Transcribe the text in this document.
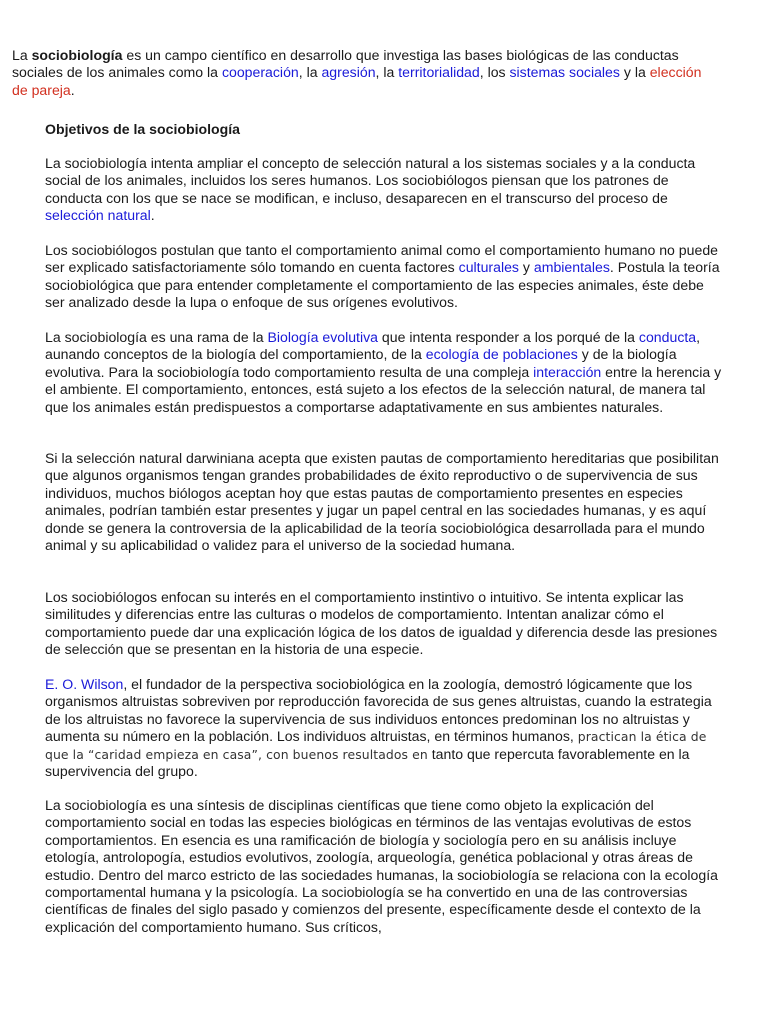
La sociobiología es un campo científico en desarrollo que investiga las bases biológicas de las conductas sociales de los animales como la cooperación, la agresión, la territorialidad, los sistemas sociales y la elección de pareja.

Objetivos de la sociobiología

La sociobiología intenta ampliar el concepto de selección natural a los sistemas sociales y a la conducta social de los animales, incluidos los seres humanos. Los sociobiólogos piensan que los patrones de conducta con los que se nace se modifican, e incluso, desaparecen en el transcurso del proceso de selección natural.

Los sociobiólogos postulan que tanto el comportamiento animal como el comportamiento humano no puede ser explicado satisfactoriamente sólo tomando en cuenta factores culturales y ambientales. Postula la teoría sociobiológica que para entender completamente el comportamiento de las especies animales, éste debe ser analizado desde la lupa o enfoque de sus orígenes evolutivos.

La sociobiología es una rama de la Biología evolutiva que intenta responder a los porqué de la conducta, aunando conceptos de la biología del comportamiento, de la ecología de poblaciones y de la biología evolutiva. Para la sociobiología todo comportamiento resulta de una compleja interacción entre la herencia y el ambiente. El comportamiento, entonces, está sujeto a los efectos de la selección natural, de manera tal que los animales están predispuestos a comportarse adaptativamente en sus ambientes naturales.

Si la selección natural darwiniana acepta que existen pautas de comportamiento hereditarias que posibilitan que algunos organismos tengan grandes probabilidades de éxito reproductivo o de supervivencia de sus individuos, muchos biólogos aceptan hoy que estas pautas de comportamiento presentes en especies animales, podrían también estar presentes y jugar un papel central en las sociedades humanas, y es aquí donde se genera la controversia de la aplicabilidad de la teoría sociobiológica desarrollada para el mundo animal y su aplicabilidad o validez para el universo de la sociedad humana.

Los sociobiólogos enfocan su interés en el comportamiento instintivo o intuitivo. Se intenta explicar las similitudes y diferencias entre las culturas o modelos de comportamiento. Intentan analizar cómo el comportamiento puede dar una explicación lógica de los datos de igualdad y diferencia desde las presiones de selección que se presentan en la historia de una especie.

E. O. Wilson, el fundador de la perspectiva sociobiológica en la zoología, demostró lógicamente que los organismos altruistas sobreviven por reproducción favorecida de sus genes altruistas, cuando la estrategia de los altruistas no favorece la supervivencia de sus individuos entonces predominan los no altruistas y aumenta su número en la población. Los individuos altruistas, en términos humanos, practican la ética de que la “caridad empieza en casa”, con buenos resultados en tanto que repercuta favorablemente en la supervivencia del grupo.

La sociobiología es una síntesis de disciplinas científicas que tiene como objeto la explicación del comportamiento social en todas las especies biológicas en términos de las ventajas evolutivas de estos comportamientos. En esencia es una ramificación de biología y sociología pero en su análisis incluye etología, antrolopogía, estudios evolutivos, zoología, arqueología, genética poblacional y otras áreas de estudio. Dentro del marco estricto de las sociedades humanas, la sociobiología se relaciona con la ecología comportamental humana y la psicología. La sociobiología se ha convertido en una de las controversias científicas de finales del siglo pasado y comienzos del presente, específicamente desde el contexto de la explicación del comportamiento humano. Sus críticos,
